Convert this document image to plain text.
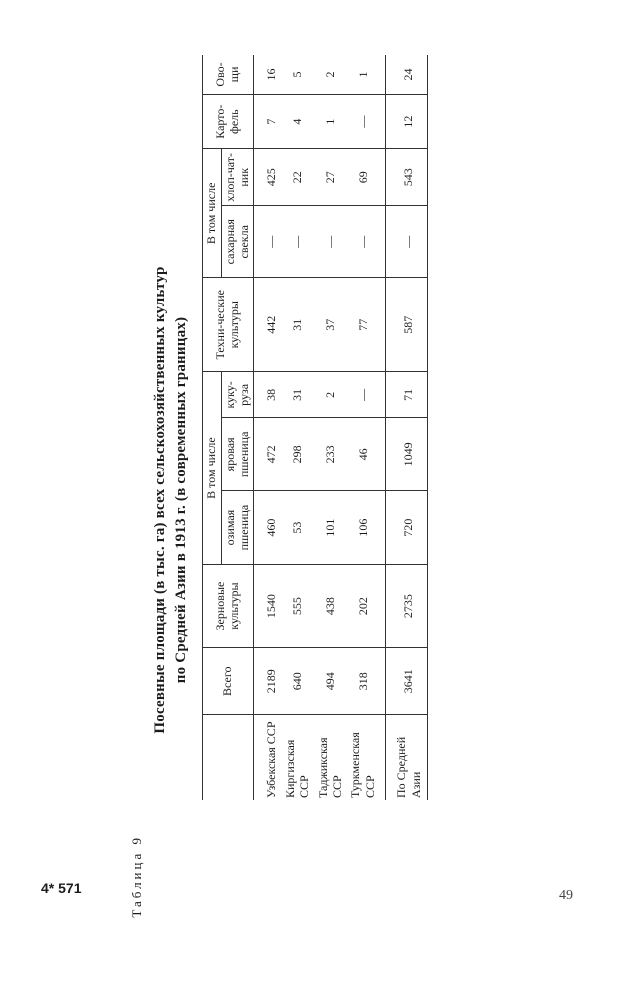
Таблица 9
Посевные площади (в тыс. га) всех сельскохозяйственных культур по Средней Азии в 1913 г. (в современных границах)
		Всего	Зерновые культуры	В том числе			Техни-ческие культуры	В том числе		Карто-фель	Ово-щи
			озимая пшеница	яровая пшеница	куку-руза		сахарная свекла	хлоп-чат-ник		

Узбекская ССР	2189	1540	460	472	38	442	—	425	7	16
Киргизская ССР	640	555	53	298	31	31	—	22	4	5
Таджикская ССР	494	438	101	233	2	37	—	27	1	2
Туркменская ССР	318	202	106	46	—	77	—	69	—	1
По Средней Азии	3641	2735	720	1049	71	587	—	543	12	24
4* 571	49
